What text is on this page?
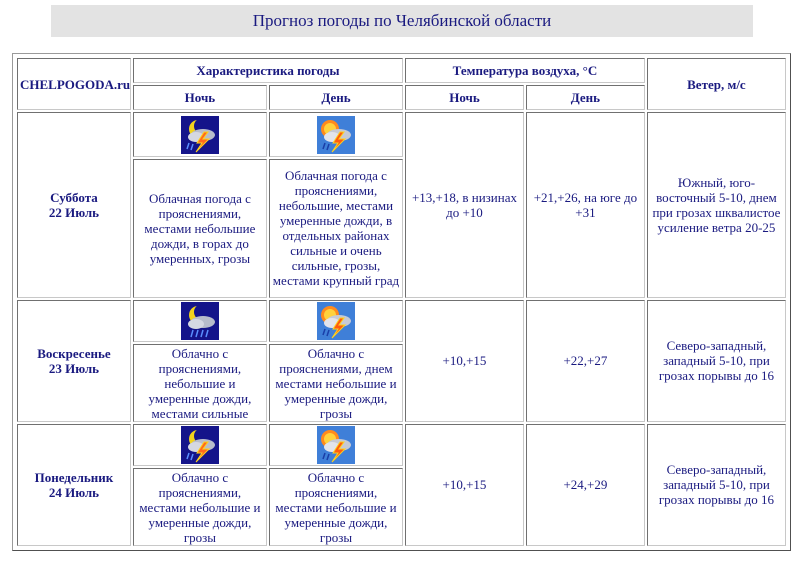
Прогноз погоды по Челябинской области
CHELPOGODA.ru	Характеристика погоды		Температура воздуха, °C		Ветер, м/с
	Ночь	День	Ночь	День	
Суббота
22 Июль			+13,+18, в низинах до +10	+21,+26, на юге до +31	Южный, юго-восточный 5-10, днем при грозах шквалистое усиление ветра 20-25
	Облачная погода с прояснениями, местами небольшие дожди, в горах до умеренных, грозы	Облачная погода с прояснениями, небольшие, местами умеренные дожди, в отдельных районах сильные и очень сильные, грозы, местами крупный град			
Воскресенье
23 Июль			+10,+15	+22,+27	Северо-западный, западный 5-10, при грозах порывы до 16
	Облачно с прояснениями, небольшие и умеренные дожди, местами сильные	Облачно с прояснениями, днем местами небольшие и умеренные дожди, грозы			
Понедельник
24 Июль			+10,+15	+24,+29	Северо-западный, западный 5-10, при грозах порывы до 16
	Облачно с прояснениями, местами небольшие и умеренные дожди, грозы	Облачно с прояснениями, местами небольшие и умеренные дожди, грозы			
